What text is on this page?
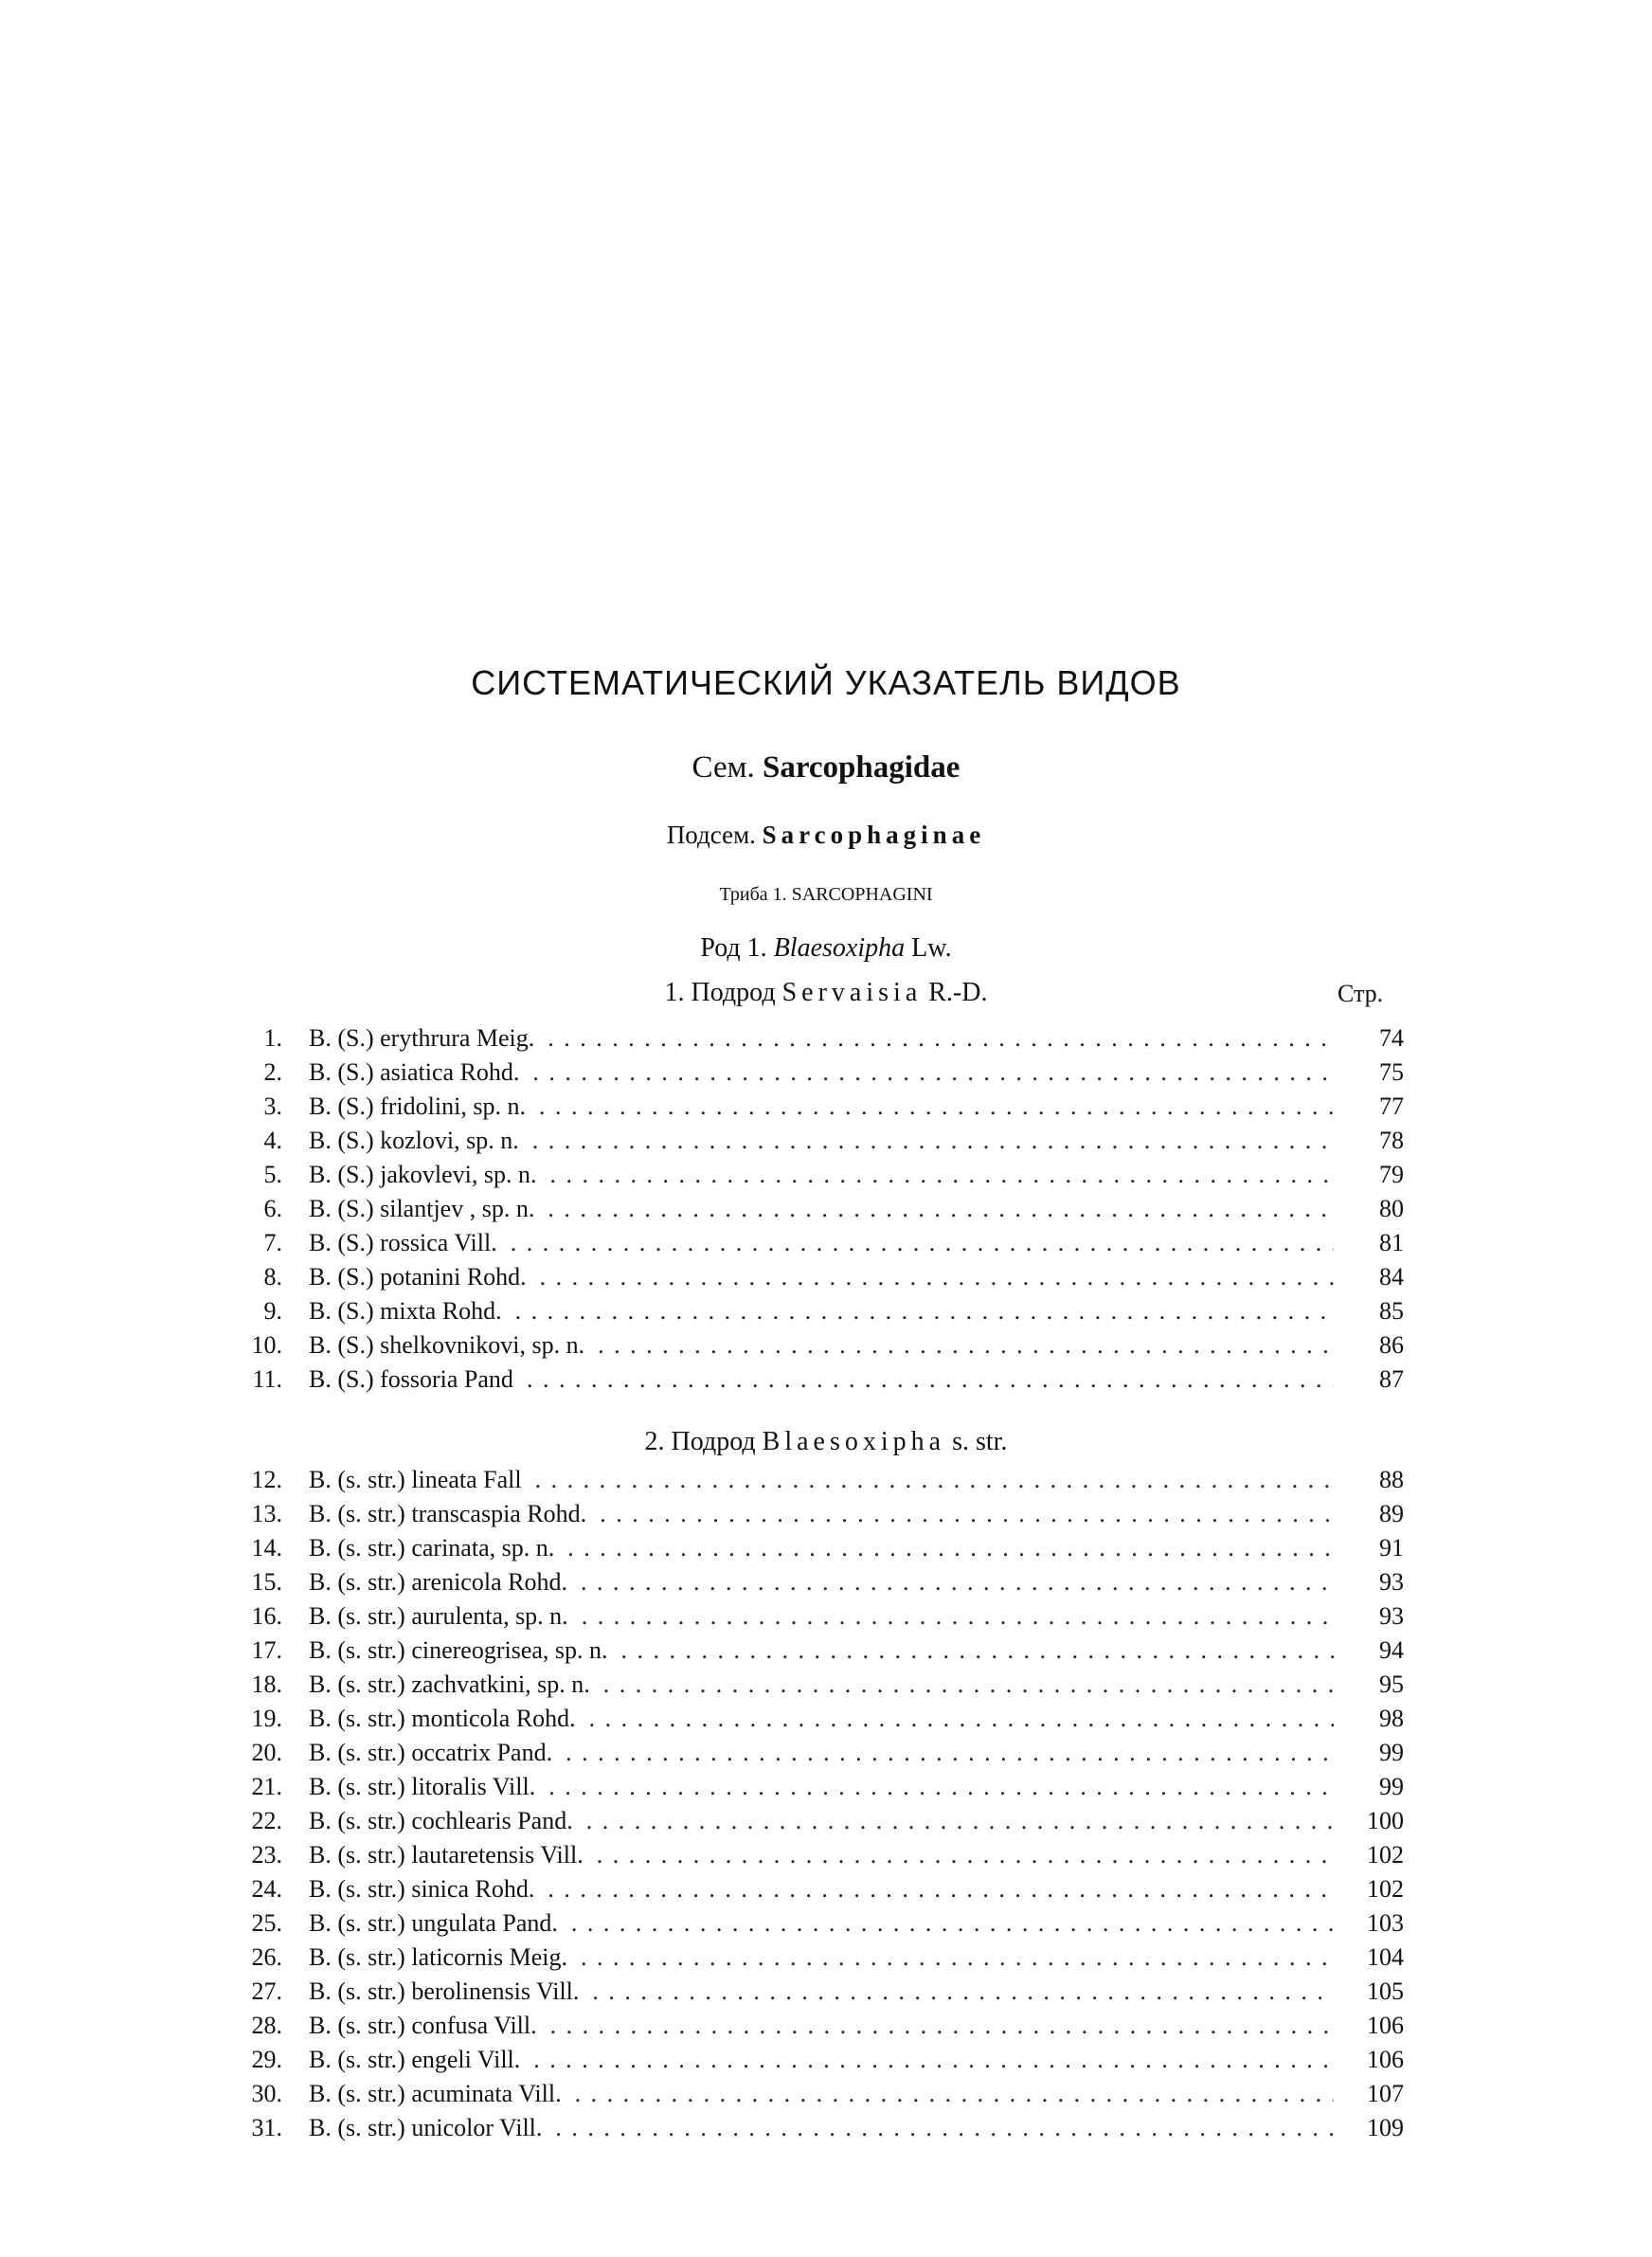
СИСТЕМАТИЧЕСКИЙ УКАЗАТЕЛЬ ВИДОВ
Сем. Sarcophagidae
Подсем. Sarcophaginae
Триба 1. SARCOPHAGINI
Род 1. Blaesoxipha Lw.
1. Подрод Servaisia R.-D.	Стр.
1. B. (S.) erythrura Meig. . . .	74
2. B. (S.) asiatica Rohd. . . .	75
3. B. (S.) fridolini, sp. n. . . .	77
4. B. (S.) kozlovi, sp. n. . . .	78
5. B. (S.) jakovlevi, sp. n. . . .	79
6. B. (S.) silantjev , sp. n. . . .	80
7. B. (S.) rossica Vill. . . .	81
8. B. (S.) potanini Rohd. . . .	84
9. B. (S.) mixta Rohd. . . .	85
10. B. (S.) shelkovnikovi, sp. n. . . .	86
11. B. (S.) fossoria Pand . . .	87
2. Подрод Blaesoxipha s. str.
12. B. (s. str.) lineata Fall . . .	88
13. B. (s. str.) transcaspia Rohd. . . .	89
14. B. (s. str.) carinata, sp. n. . . .	91
15. B. (s. str.) arenicola Rohd. . . .	93
16. B. (s. str.) aurulenta, sp. n. . . .	93
17. B. (s. str.) cinereogrisea, sp. n. . . .	94
18. B. (s. str.) zachvatkini, sp. n. . . .	95
19. B. (s. str.) monticola Rohd. . . .	98
20. B. (s. str.) occatrix Pand. . . .	99
21. B. (s. str.) litoralis Vill. . . .	99
22. B. (s. str.) cochlearis Pand. . . .	100
23. B. (s. str.) lautaretensis Vill. . . .	102
24. B. (s. str.) sinica Rohd. . . .	102
25. B. (s. str.) ungulata Pand. . . .	103
26. B. (s. str.) laticornis Meig. . . .	104
27. B. (s. str.) berolinensis Vill. . . .	105
28. B. (s. str.) confusa Vill. . . .	106
29. B. (s. str.) engeli Vill. . . .	106
30. B. (s. str.) acuminata Vill. . . .	107
31. B. (s. str.) unicolor Vill. . . .	109
